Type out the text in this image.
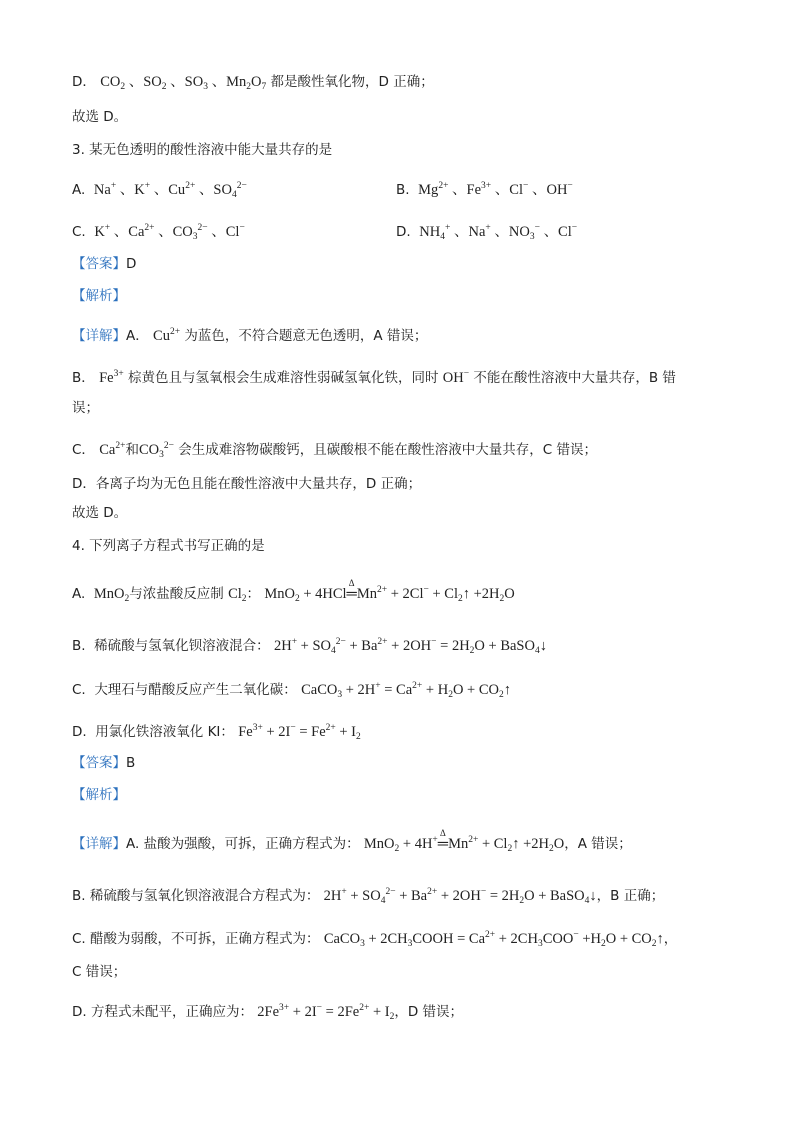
D． $CO_2$ 、$SO_2$ 、$SO_3$ 、$Mn_2O_7$ 都是酸性氧化物，D 正确；
故选 D。
3. 某无色透明的酸性溶液中能大量共存的是
A. Na+ 、K+ 、$Cu^{2+}$ 、$SO_4^{2-}$	B. $Mg^{2+}$ 、$Fe^{3+}$ 、Cl− 、OH−
C. K+ 、$Ca^{2+}$ 、$CO_3^{2-}$ 、Cl−	D. $NH_4^+$ 、Na+ 、$NO_3^-$ 、Cl−
【答案】D
【解析】
【详解】A． $Cu^{2+}$ 为蓝色，不符合题意无色透明，A 错误；
B． $Fe^{3+}$ 棕黄色且与氢氧根会生成难溶性弱碱氢氧化铁，同时 OH− 不能在酸性溶液中大量共存，B 错
误；
C． $Ca^{2+}$和$CO_3^{2-}$ 会生成难溶物碳酸钙，且碳酸根不能在酸性溶液中大量共存，C 错误；
D．各离子均为无色且能在酸性溶液中大量共存，D 正确；
故选 D。
4. 下列离子方程式书写正确的是
A. MnO$_2$与浓盐酸反应制 $Cl_2$： MnO$_2$ + 4HCl
Δ
$═Mn^{2+} + 2Cl^-$ + $Cl_2↑ +2H_2O$
B. 稀硫酸与氢氧化钡溶液混合： $2H^+ + SO_4^{2-} + Ba^{2+} + 2OH^- = 2H_2O$ + BaSO$_4$↓
C. 大理石与醋酸反应产生二氧化碳： CaCO$_3$ + $2H^+ = Ca^{2+} + H_2O$ + $CO_2↑$
D. 用氯化铁溶液氧化 KI： $Fe^{3+} + 2I^- = Fe^{2+} + I_2$
【答案】B
【解析】
【详解】A. 盐酸为强酸，可拆，正确方程式为： MnO$_2$ + 4H+
Δ
$═Mn^{2+}$ + $Cl_2↑ +2H_2O$，A 错误；
B. 稀硫酸与氢氧化钡溶液混合方程式为： $2H^+ + SO_4^{2-} + Ba^{2+} + 2OH^- = 2H_2O$ + BaSO$_4$↓，B 正确；
C. 醋酸为弱酸，不可拆，正确方程式为： CaCO$_3$ + $2CH_3COOH = Ca^{2+} + 2CH_3COO^- +H_2O$ + $CO_2↑$，
C 错误；
D. 方程式未配平，正确应为： $2Fe^{3+} + 2I^- = 2Fe^{2+} + I_2$，D 错误；
